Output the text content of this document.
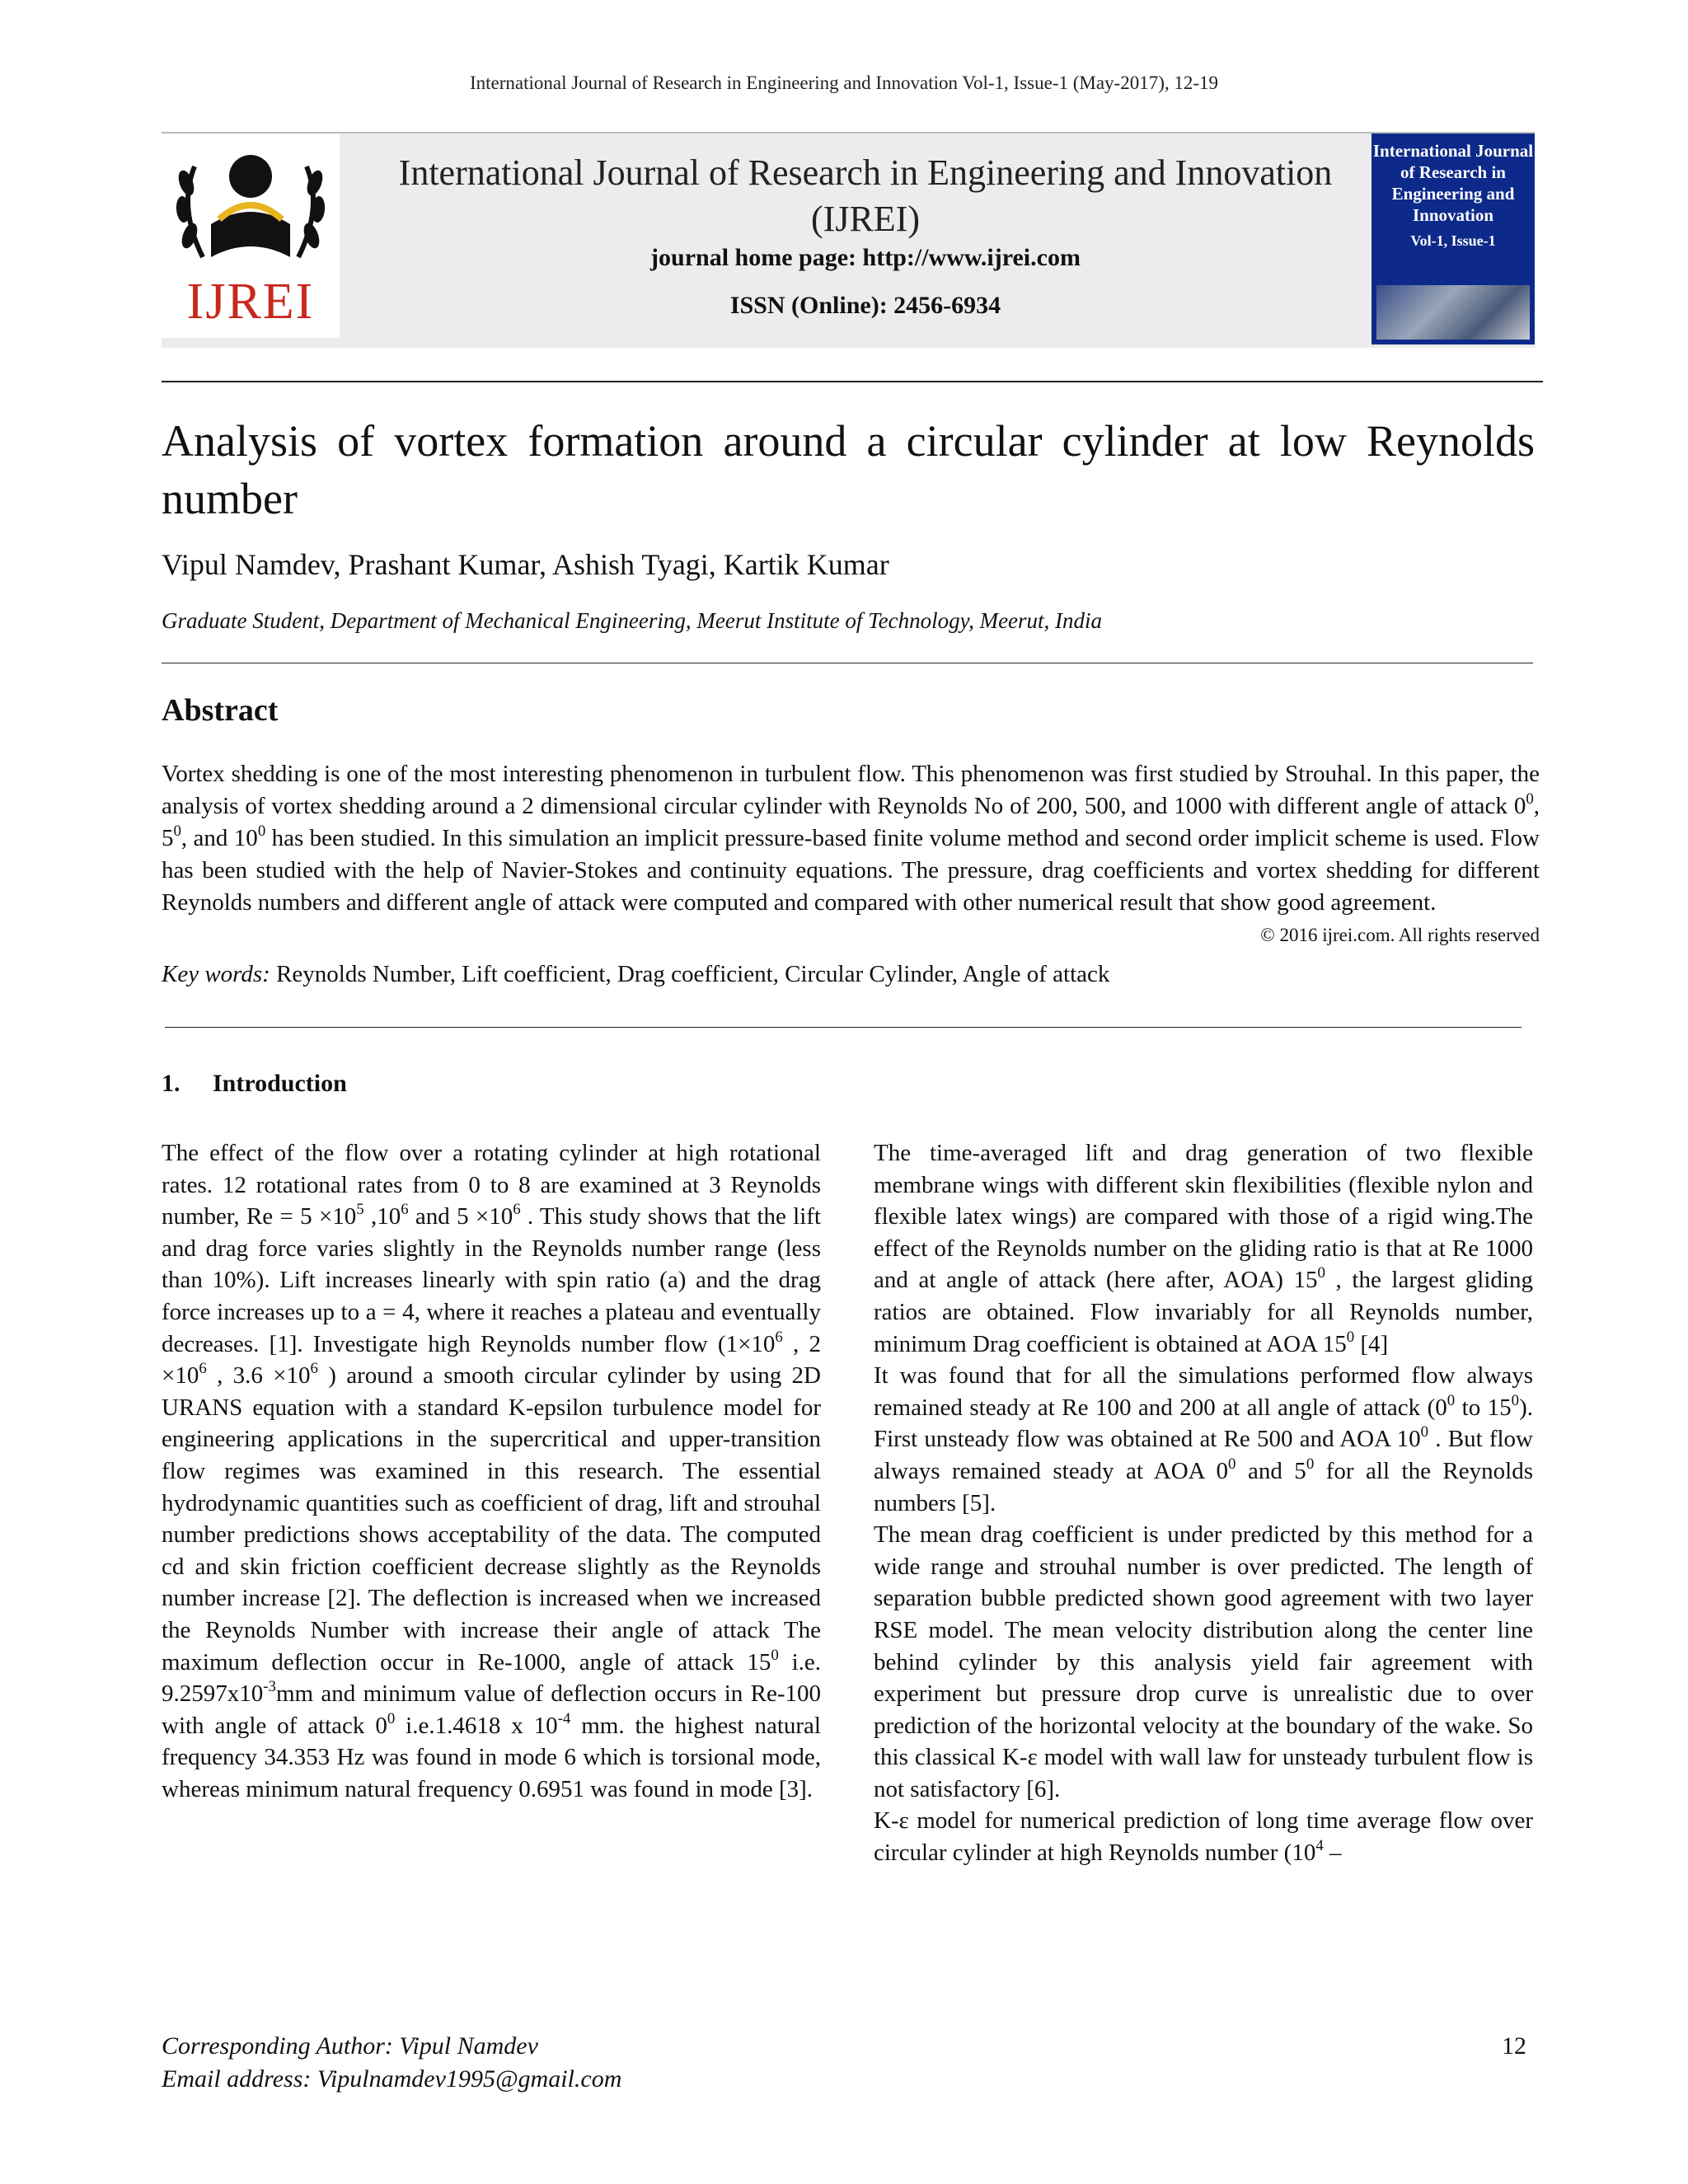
International Journal of Research in Engineering and Innovation Vol-1, Issue-1 (May-2017), 12-19
IJREI
International Journal of Research in Engineering and Innovation (IJREI)
journal home page: http://www.ijrei.com
ISSN (Online): 2456-6934
International Journal of Research in Engineering and Innovation
Vol-1, Issue-1
Analysis of vortex formation around a circular cylinder at low Reynolds number
Vipul Namdev, Prashant Kumar, Ashish Tyagi, Kartik Kumar
Graduate Student, Department of Mechanical Engineering, Meerut Institute of Technology, Meerut, India
Abstract
Vortex shedding is one of the most interesting phenomenon in turbulent flow. This phenomenon was first studied by Strouhal. In this paper, the analysis of vortex shedding around a 2 dimensional circular cylinder with Reynolds No of 200, 500, and 1000 with different angle of attack $0^0$, $5^0$, and $10^0$ has been studied. In this simulation an implicit pressure-based finite volume method and second order implicit scheme is used. Flow has been studied with the help of Navier-Stokes and continuity equations. The pressure, drag coefficients and vortex shedding for different Reynolds numbers and different angle of attack were computed and compared with other numerical result that show good agreement.
© 2016 ijrei.com. All rights reserved
Key words: Reynolds Number, Lift coefficient, Drag coefficient, Circular Cylinder, Angle of attack
1. Introduction

The effect of the flow over a rotating cylinder at high rotational rates. 12 rotational rates from 0 to 8 are examined at 3 Reynolds number, $Re = 5 \times 10^5$ $,10^6$ and $5 \times 10^6$ . This study shows that the lift and drag force varies slightly in the Reynolds number range (less than 10%). Lift increases linearly with spin ratio (a) and the drag force increases up to a = 4, where it reaches a plateau and eventually decreases. [1]. Investigate high Reynolds number flow ($1\times 10^6$ , $2 \times 10^6$ , $3.6 \times 10^6$ ) around a smooth circular cylinder by using 2D URANS equation with a standard K-epsilon turbulence model for engineering applications in the supercritical and upper-transition flow regimes was examined in this research. The essential hydrodynamic quantities such as coefficient of drag, lift and strouhal number predictions shows acceptability of the data. The computed cd and skin friction coefficient decrease slightly as the Reynolds number increase [2]. The deflection is increased when we increased the Reynolds Number with increase their angle of attack The maximum deflection occur in Re-1000, angle of attack $15^0$ i.e. $9.2597x10^{-3}mm$ and minimum value of deflection occurs in Re-100 with angle of attack $0^0$ i.e.1.4618 x $10^{-4}$ mm. the highest natural frequency 34.353 Hz was found in mode 6 which is torsional mode, whereas minimum natural frequency 0.6951 was found in mode [3].

The time-averaged lift and drag generation of two flexible membrane wings with different skin flexibilities (flexible nylon and flexible latex wings) are compared with those of a rigid wing.The effect of the Reynolds number on the gliding ratio is that at Re 1000 and at angle of attack (here after, AOA) $15^0$ , the largest gliding ratios are obtained. Flow invariably for all Reynolds number, minimum Drag coefficient is obtained at AOA $15^0$ [4]

It was found that for all the simulations performed flow always remained steady at Re 100 and 200 at all angle of attack ($0^0$ to $15^0$). First unsteady flow was obtained at Re 500 and AOA $10^0$ . But flow always remained steady at AOA $0^0$ and $5^0$ for all the Reynolds numbers [5].

The mean drag coefficient is under predicted by this method for a wide range and strouhal number is over predicted. The length of separation bubble predicted shown good agreement with two layer RSE model. The mean velocity distribution along the center line behind cylinder by this analysis yield fair agreement with experiment but pressure drop curve is unrealistic due to over prediction of the horizontal velocity at the boundary of the wake. So this classical K-ε model with wall law for unsteady turbulent flow is not satisfactory [6].

K-ε model for numerical prediction of long time average flow over circular cylinder at high Reynolds number ($10^4$ –

Corresponding Author: Vipul Namdev
Email address: Vipulnamdev1995@gmail.com
12
